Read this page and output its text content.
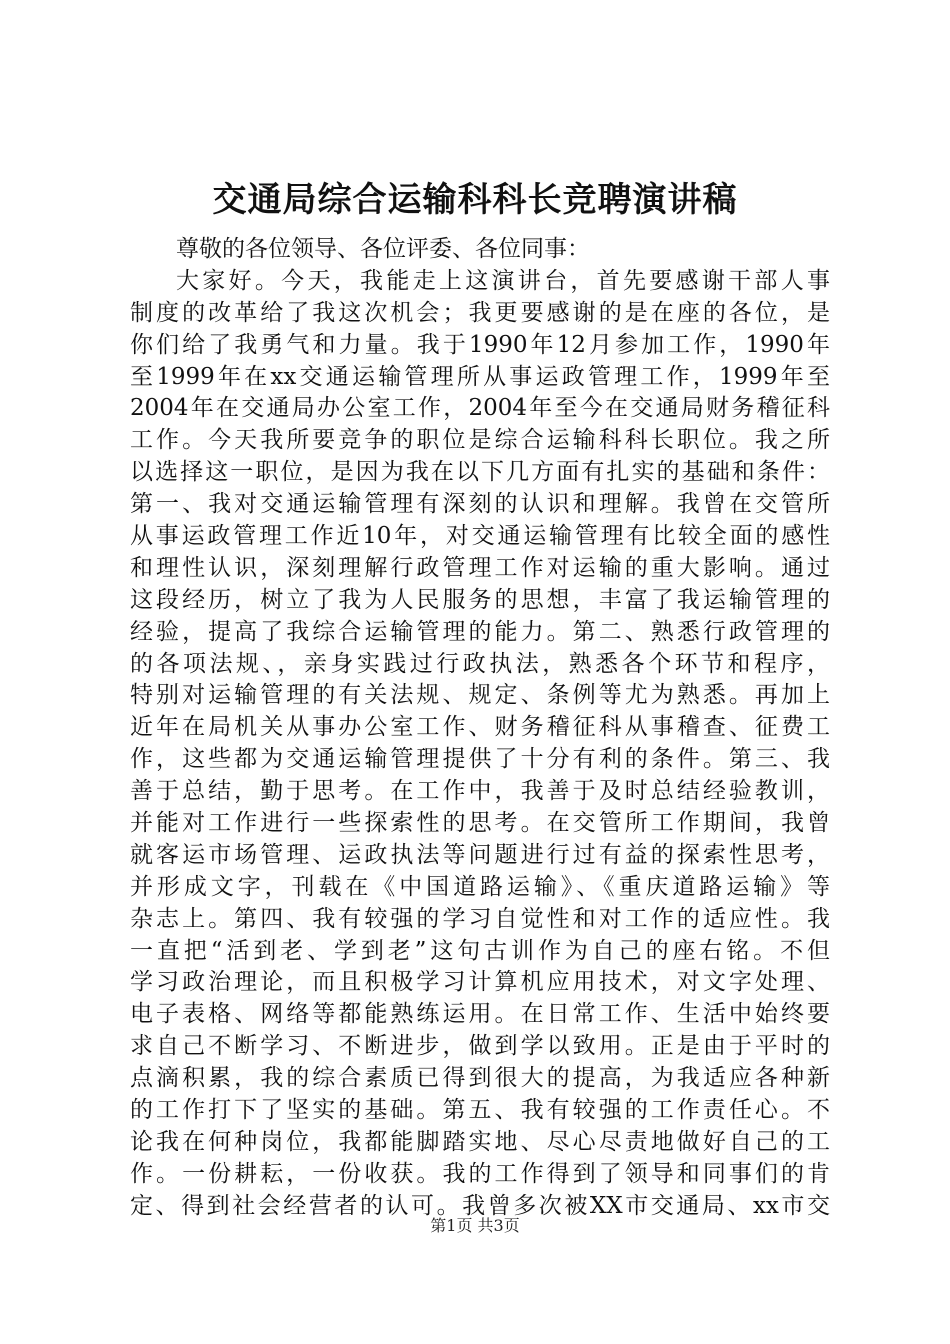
交通局综合运输科科长竞聘演讲稿
尊敬的各位领导、各位评委、各位同事：
大家好。今天，我能走上这演讲台，首先要感谢干部人事
制度的改革给了我这次机会；我更要感谢的是在座的各位，是
你们给了我勇气和力量。我于1990年12月参加工作，1990年
至1999年在xx交通运输管理所从事运政管理工作，1999年至
2004年在交通局办公室工作，2004年至今在交通局财务稽征科
工作。今天我所要竞争的职位是综合运输科科长职位。我之所
以选择这一职位，是因为我在以下几方面有扎实的基础和条件：
第一、我对交通运输管理有深刻的认识和理解。我曾在交管所
从事运政管理工作近10年，对交通运输管理有比较全面的感性
和理性认识，深刻理解行政管理工作对运输的重大影响。通过
这段经历，树立了我为人民服务的思想，丰富了我运输管理的
经验，提高了我综合运输管理的能力。第二、熟悉行政管理的
的各项法规、，亲身实践过行政执法，熟悉各个环节和程序，
特别对运输管理的有关法规、规定、条例等尤为熟悉。再加上
近年在局机关从事办公室工作、财务稽征科从事稽查、征费工
作，这些都为交通运输管理提供了十分有利的条件。第三、我
善于总结，勤于思考。在工作中，我善于及时总结经验教训，
并能对工作进行一些探索性的思考。在交管所工作期间，我曾
就客运市场管理、运政执法等问题进行过有益的探索性思考，
并形成文字，刊载在《中国道路运输》、《重庆道路运输》等
杂志上。第四、我有较强的学习自觉性和对工作的适应性。我
一直把“活到老、学到老”这句古训作为自己的座右铭。不但
学习政治理论，而且积极学习计算机应用技术，对文字处理、
电子表格、网络等都能熟练运用。在日常工作、生活中始终要
求自己不断学习、不断进步，做到学以致用。正是由于平时的
点滴积累，我的综合素质已得到很大的提高，为我适应各种新
的工作打下了坚实的基础。第五、我有较强的工作责任心。不
论我在何种岗位，我都能脚踏实地、尽心尽责地做好自己的工
作。一份耕耘，一份收获。我的工作得到了领导和同事们的肯
定、得到社会经营者的认可。我曾多次被XX市交通局、xx市交
第1页 共3页
